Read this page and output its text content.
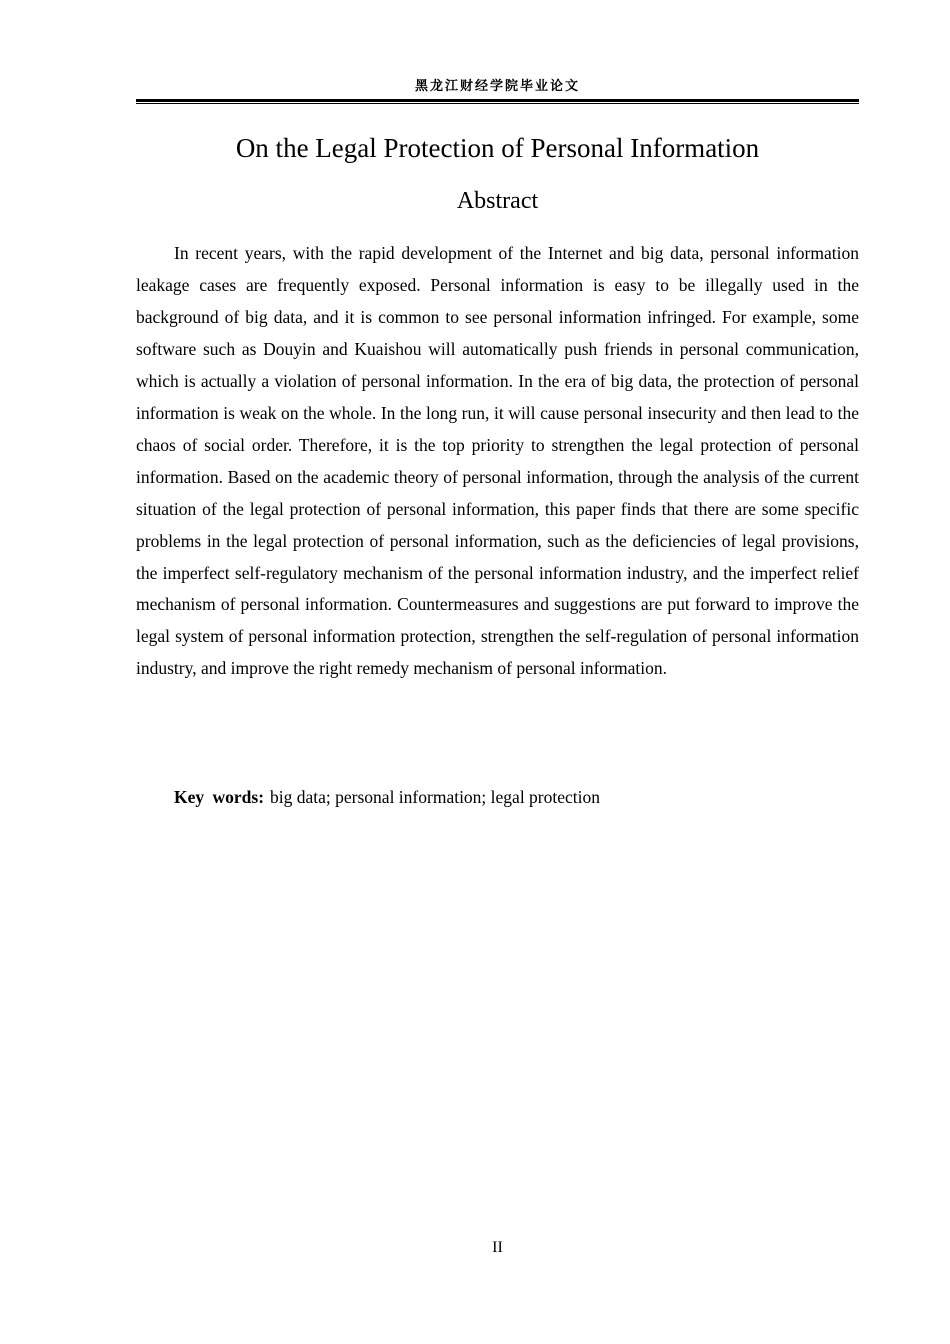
黑龙江财经学院毕业论文
On the Legal Protection of Personal Information
Abstract

In recent years, with the rapid development of the Internet and big data, personal information leakage cases are frequently exposed. Personal information is easy to be illegally used in the background of big data, and it is common to see personal information infringed. For example, some software such as Douyin and Kuaishou will automatically push friends in personal communication, which is actually a violation of personal information. In the era of big data, the protection of personal information is weak on the whole. In the long run, it will cause personal insecurity and then lead to the chaos of social order. Therefore, it is the top priority to strengthen the legal protection of personal information. Based on the academic theory of personal information, through the analysis of the current situation of the legal protection of personal information, this paper finds that there are some specific problems in the legal protection of personal information, such as the deficiencies of legal provisions, the imperfect self-regulatory mechanism of the personal information industry, and the imperfect relief mechanism of personal information. Countermeasures and suggestions are put forward to improve the legal system of personal information protection, strengthen the self-regulation of personal information industry, and improve the right remedy mechanism of personal information.

Key words: big data; personal information; legal protection

II
